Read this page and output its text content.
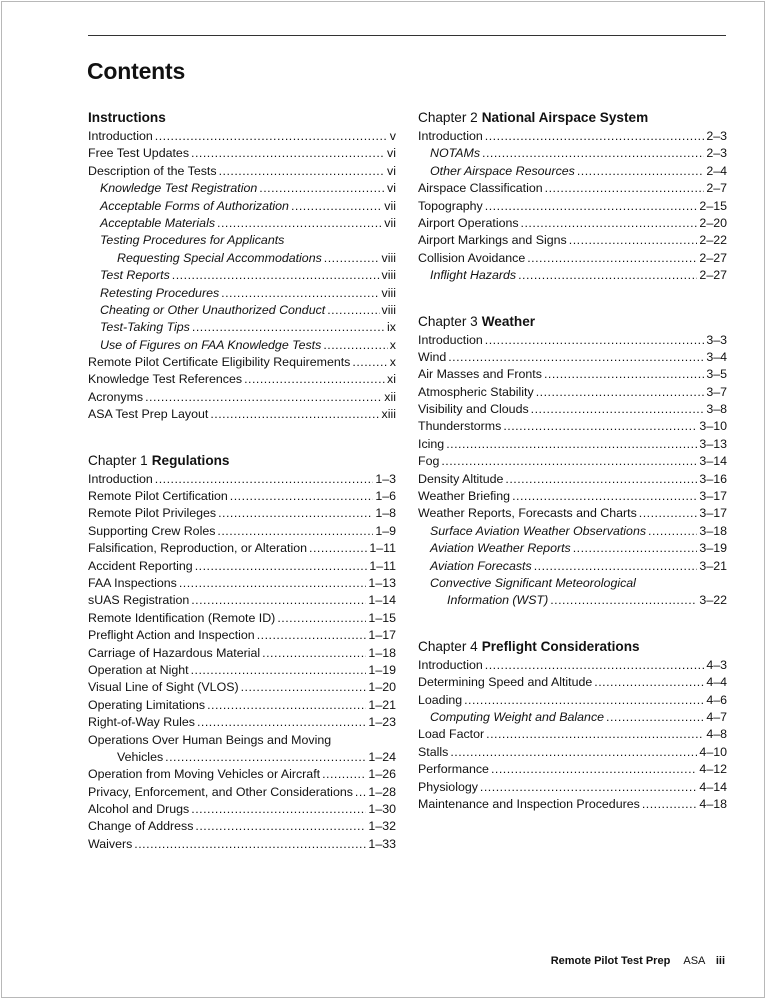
Contents
Instructions
Introduction .....	v
Free Test Updates .....	vi
Description of the Tests .....	vi
Knowledge Test Registration .....	vi
Acceptable Forms of Authorization .....	vii
Acceptable Materials .....	vii
Testing Procedures for Applicants
Requesting Special Accommodations .....	viii
Test Reports .....	viii
Retesting Procedures .....	viii
Cheating or Other Unauthorized Conduct .....	viii
Test-Taking Tips .....	ix
Use of Figures on FAA Knowledge Tests .....	x
Remote Pilot Certificate Eligibility Requirements .....	x
Knowledge Test References .....	xi
Acronyms .....	xii
ASA Test Prep Layout .....	xiii
Chapter 1 Regulations
Introduction .....	1–3
Remote Pilot Certification .....	1–6
Remote Pilot Privileges .....	1–8
Supporting Crew Roles .....	1–9
Falsification, Reproduction, or Alteration .....	1–11
Accident Reporting .....	1–11
FAA Inspections .....	1–13
sUAS Registration .....	1–14
Remote Identification (Remote ID) .....	1–15
Preflight Action and Inspection .....	1–17
Carriage of Hazardous Material .....	1–18
Operation at Night .....	1–19
Visual Line of Sight (VLOS) .....	1–20
Operating Limitations .....	1–21
Right-of-Way Rules .....	1–23
Operations Over Human Beings and Moving
Vehicles .....	1–24
Operation from Moving Vehicles or Aircraft .....	1–26
Privacy, Enforcement, and Other Considerations ..... 1–28
Alcohol and Drugs .....	1–30
Change of Address .....	1–32
Waivers .....	1–33
Chapter 2 National Airspace System
Introduction .....	2–3
NOTAMs .....	2–3
Other Airspace Resources .....	2–4
Airspace Classification .....	2–7
Topography .....	2–15
Airport Operations .....	2–20
Airport Markings and Signs .....	2–22
Collision Avoidance .....	2–27
Inflight Hazards .....	2–27
Chapter 3 Weather
Introduction .....	3–3
Wind .....	3–4
Air Masses and Fronts .....	3–5
Atmospheric Stability .....	3–7
Visibility and Clouds .....	3–8
Thunderstorms .....	3–10
Icing .....	3–13
Fog .....	3–14
Density Altitude .....	3–16
Weather Briefing .....	3–17
Weather Reports, Forecasts and Charts .....	3–17
Surface Aviation Weather Observations .....	3–18
Aviation Weather Reports .....	3–19
Aviation Forecasts .....	3–21
Convective Significant Meteorological
Information (WST) .....	3–22
Chapter 4 Preflight Considerations
Introduction .....	4–3
Determining Speed and Altitude .....	4–4
Loading .....	4–6
Computing Weight and Balance .....	4–7
Load Factor .....	4–8
Stalls .....	4–10
Performance .....	4–12
Physiology .....	4–14
Maintenance and Inspection Procedures .....	4–18
Remote Pilot Test Prep ASA iii
